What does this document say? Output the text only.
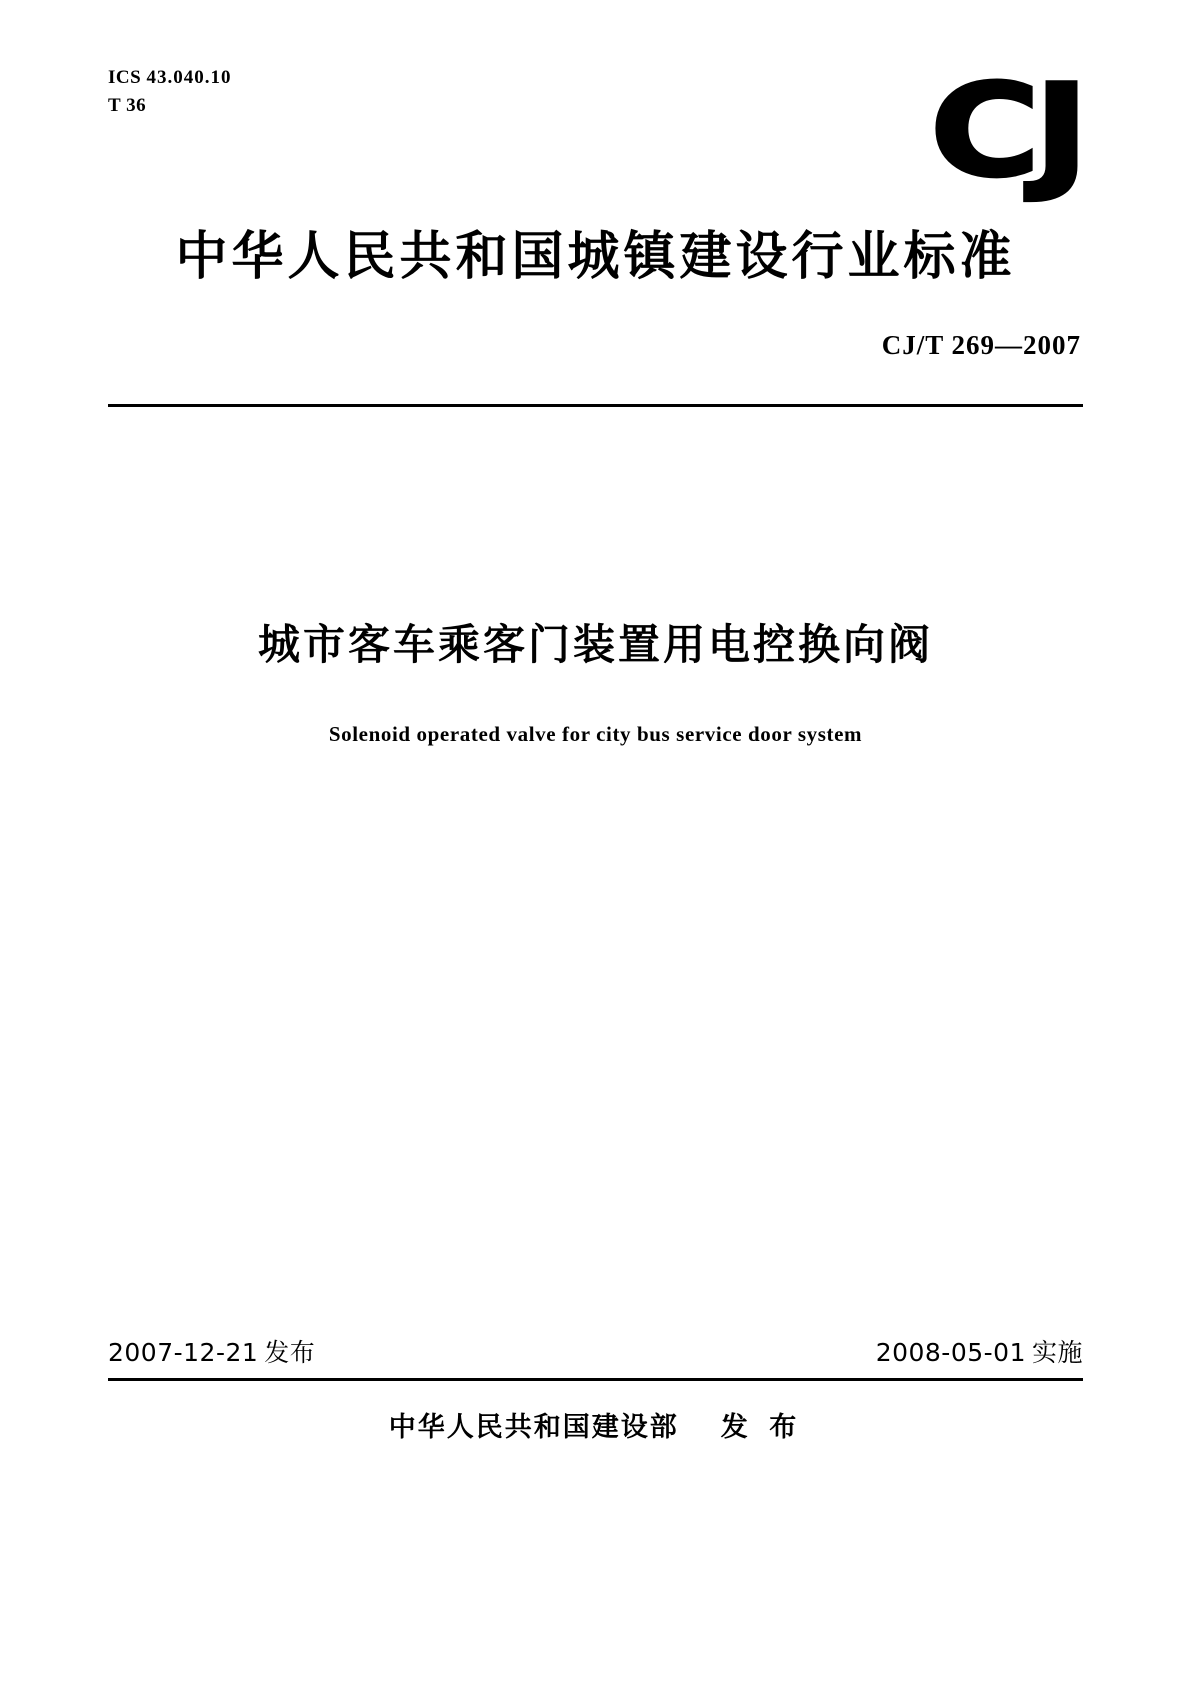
ICS 43.040.10
T 36	CJ
中华人民共和国城镇建设行业标准
CJ/T 269—2007
城市客车乘客门装置用电控换向阀
Solenoid operated valve for city bus service door system
2007-12-21 发布	2008-05-01 实施
中华人民共和国建设部 发 布
